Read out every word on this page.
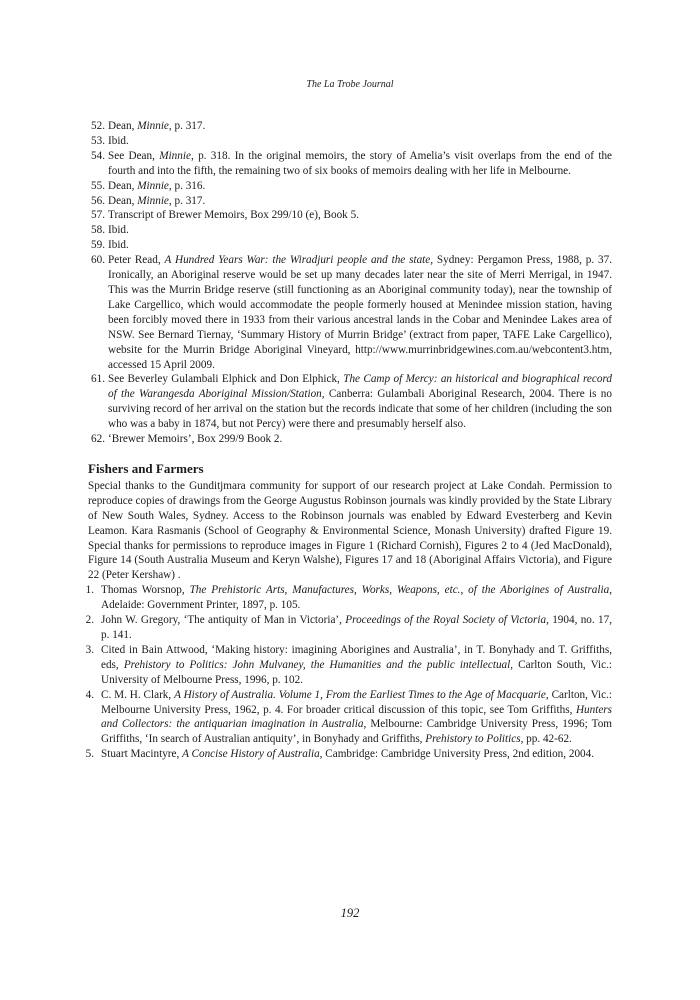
The La Trobe Journal
52. Dean, Minnie, p. 317.
53. Ibid.
54. See Dean, Minnie, p. 318. In the original memoirs, the story of Amelia’s visit overlaps from the end of the fourth and into the fifth, the remaining two of six books of memoirs dealing with her life in Melbourne.
55. Dean, Minnie, p. 316.
56. Dean, Minnie, p. 317.
57. Transcript of Brewer Memoirs, Box 299/10 (e), Book 5.
58. Ibid.
59. Ibid.
60. Peter Read, A Hundred Years War: the Wiradjuri people and the state, Sydney: Pergamon Press, 1988, p. 37. Ironically, an Aboriginal reserve would be set up many decades later near the site of Merri Merrigal, in 1947. This was the Murrin Bridge reserve (still functioning as an Aboriginal community today), near the township of Lake Cargellico, which would accommodate the people formerly housed at Menindee mission station, having been forcibly moved there in 1933 from their various ancestral lands in the Cobar and Menindee Lakes area of NSW. See Bernard Tiernay, ‘Summary History of Murrin Bridge’ (extract from paper, TAFE Lake Cargellico), website for the Murrin Bridge Aboriginal Vineyard, http://www.murrinbridgewines.com.au/webcontent3.htm, accessed 15 April 2009.
61. See Beverley Gulambali Elphick and Don Elphick, The Camp of Mercy: an historical and biographical record of the Warangesda Aboriginal Mission/Station, Canberra: Gulambali Aboriginal Research, 2004. There is no surviving record of her arrival on the station but the records indicate that some of her children (including the son who was a baby in 1874, but not Percy) were there and presumably herself also.
62. ‘Brewer Memoirs’, Box 299/9 Book 2.
Fishers and Farmers

Special thanks to the Gunditjmara community for support of our research project at Lake Condah. Permission to reproduce copies of drawings from the George Augustus Robinson journals was kindly provided by the State Library of New South Wales, Sydney. Access to the Robinson journals was enabled by Edward Evesterberg and Kevin Leamon. Kara Rasmanis (School of Geography & Environmental Science, Monash University) drafted Figure 19. Special thanks for permissions to reproduce images in Figure 1 (Richard Cornish), Figures 2 to 4 (Jed MacDonald), Figure 14 (South Australia Museum and Keryn Walshe), Figures 17 and 18 (Aboriginal Affairs Victoria), and Figure 22 (Peter Kershaw) .

1. Thomas Worsnop, The Prehistoric Arts, Manufactures, Works, Weapons, etc., of the Aborigines of Australia, Adelaide: Government Printer, 1897, p. 105.
2. John W. Gregory, ‘The antiquity of Man in Victoria’, Proceedings of the Royal Society of Victoria, 1904, no. 17, p. 141.
3. Cited in Bain Attwood, ‘Making history: imagining Aborigines and Australia’, in T. Bonyhady and T. Griffiths, eds, Prehistory to Politics: John Mulvaney, the Humanities and the public intellectual, Carlton South, Vic.: University of Melbourne Press, 1996, p. 102.
4. C. M. H. Clark, A History of Australia. Volume 1, From the Earliest Times to the Age of Macquarie, Carlton, Vic.: Melbourne University Press, 1962, p. 4. For broader critical discussion of this topic, see Tom Griffiths, Hunters and Collectors: the antiquarian imagination in Australia, Melbourne: Cambridge University Press, 1996; Tom Griffiths, ‘In search of Australian antiquity’, in Bonyhady and Griffiths, Prehistory to Politics, pp. 42-62.
5. Stuart Macintyre, A Concise History of Australia, Cambridge: Cambridge University Press, 2nd edition, 2004.
192
